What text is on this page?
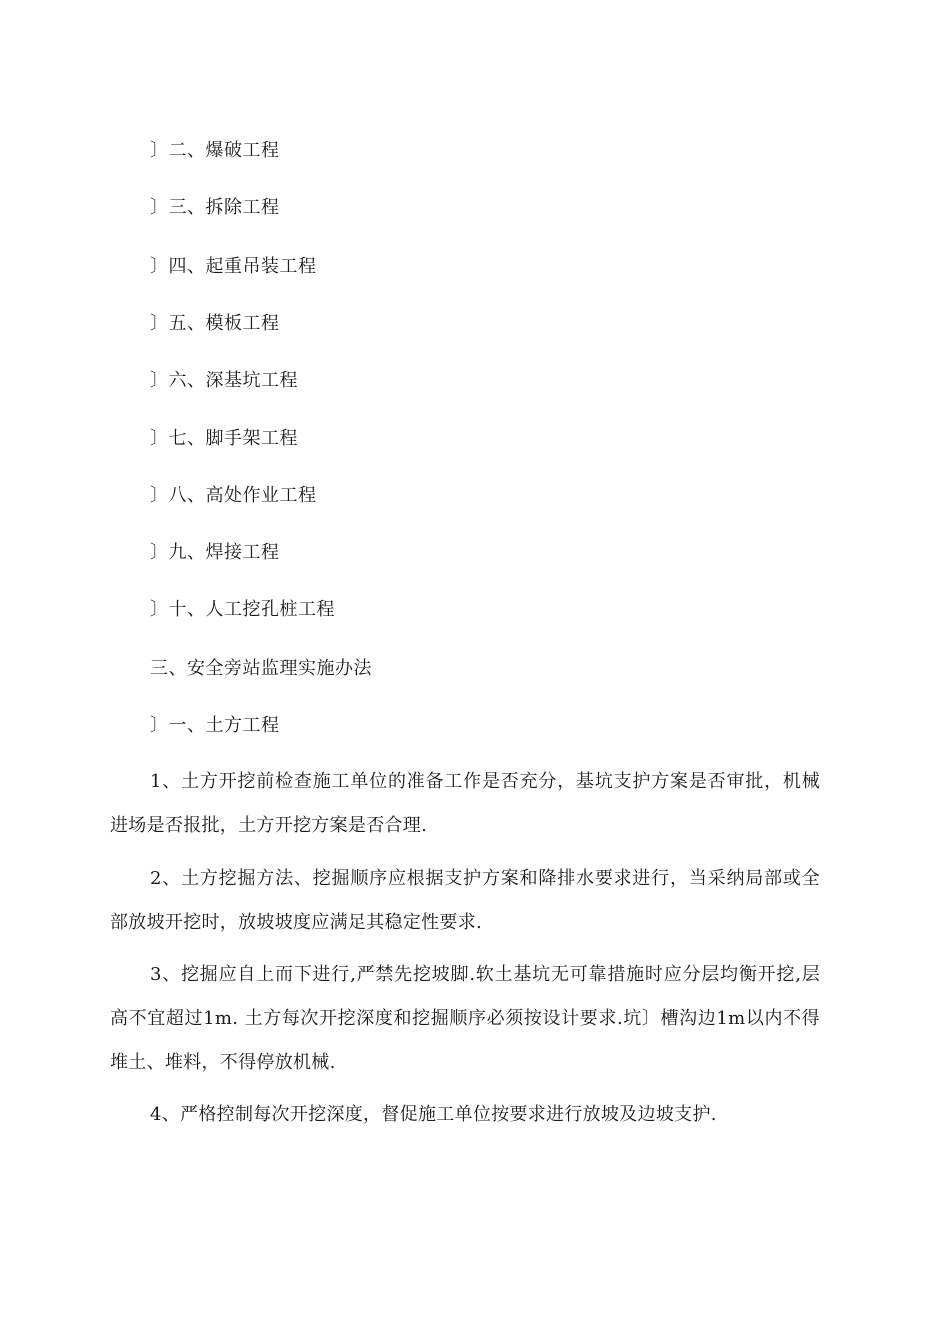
〕二、爆破工程
〕三、拆除工程
〕四、起重吊装工程
〕五、模板工程
〕六、深基坑工程
〕七、脚手架工程
〕八、高处作业工程
〕九、焊接工程
〕十、人工挖孔桩工程
三、安全旁站监理实施办法
〕一、土方工程
1、土方开挖前检查施工单位的准备工作是否充分，基坑支护方案是否审批，机械进场是否报批，土方开挖方案是否合理.
2、土方挖掘方法、挖掘顺序应根据支护方案和降排水要求进行，当采纳局部或全部放坡开挖时，放坡坡度应满足其稳定性要求.
3、挖掘应自上而下进行,严禁先挖坡脚.软土基坑无可靠措施时应分层均衡开挖,层高不宜超过1m. 土方每次开挖深度和挖掘顺序必须按设计要求.坑〕槽沟边1m以内不得堆土、堆料，不得停放机械.
4、严格控制每次开挖深度，督促施工单位按要求进行放坡及边坡支护.
